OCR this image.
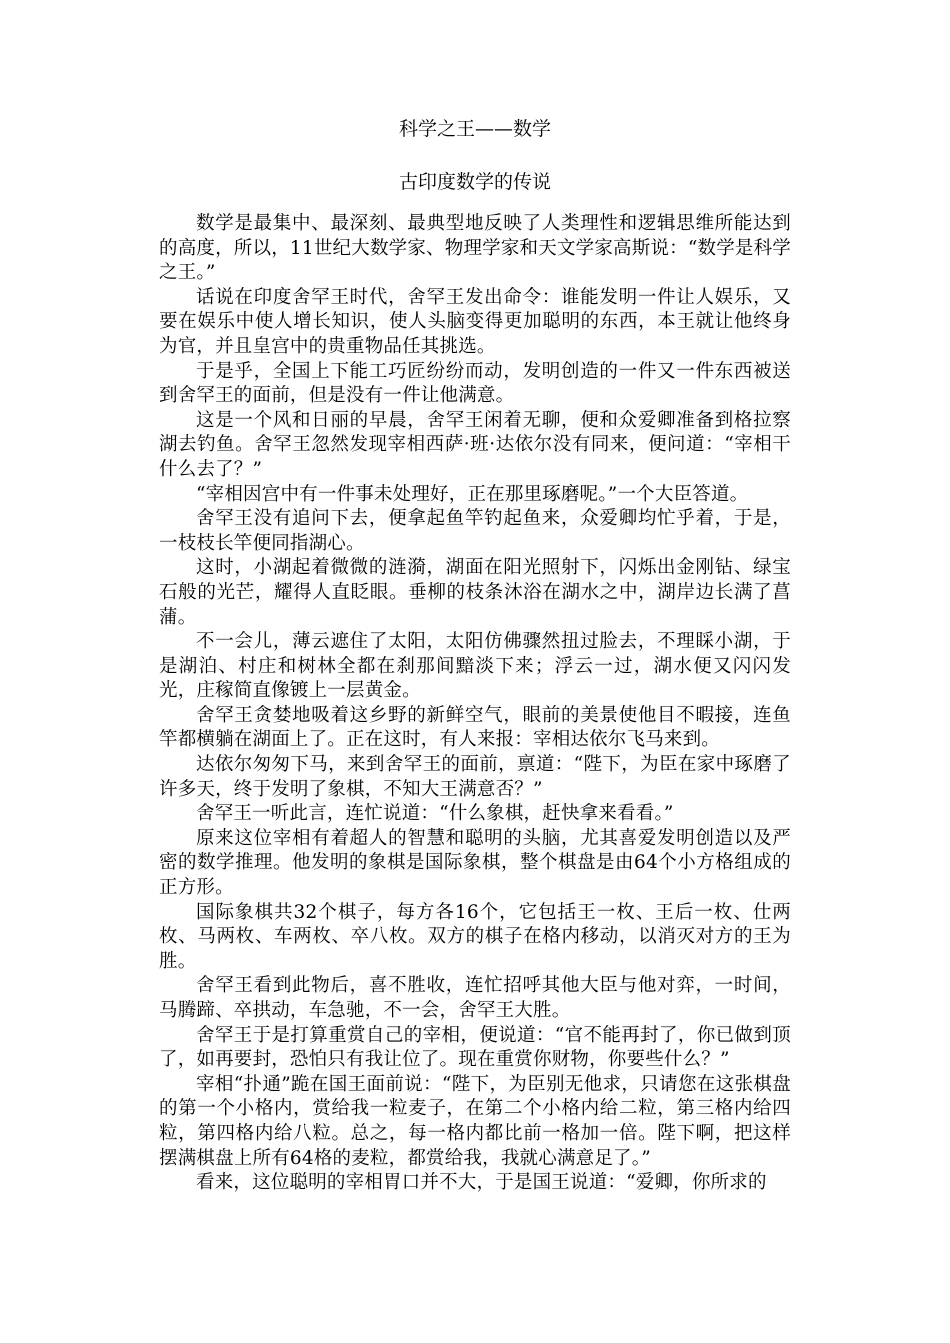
科学之王——数学
古印度数学的传说

数学是最集中、最深刻、最典型地反映了人类理性和逻辑思维所能达到的高度，所以，11世纪大数学家、物理学家和天文学家高斯说：“数学是科学之王。”

话说在印度舍罕王时代，舍罕王发出命令：谁能发明一件让人娱乐，又要在娱乐中使人增长知识，使人头脑变得更加聪明的东西，本王就让他终身为官，并且皇宫中的贵重物品任其挑选。

于是乎，全国上下能工巧匠纷纷而动，发明创造的一件又一件东西被送到舍罕王的面前，但是没有一件让他满意。

这是一个风和日丽的早晨，舍罕王闲着无聊，便和众爱卿准备到格拉察湖去钓鱼。舍罕王忽然发现宰相西萨·班·达依尔没有同来，便问道：“宰相干什么去了？”

“宰相因宫中有一件事未处理好，正在那里琢磨呢。”一个大臣答道。

舍罕王没有追问下去，便拿起鱼竿钓起鱼来，众爱卿均忙乎着，于是，一枝枝长竿便同指湖心。

这时，小湖起着微微的涟漪，湖面在阳光照射下，闪烁出金刚钻、绿宝石般的光芒，耀得人直眨眼。垂柳的枝条沐浴在湖水之中，湖岸边长满了菖蒲。

不一会儿，薄云遮住了太阳，太阳仿佛骤然扭过脸去，不理睬小湖，于是湖泊、村庄和树林全都在刹那间黯淡下来；浮云一过，湖水便又闪闪发光，庄稼简直像镀上一层黄金。

舍罕王贪婪地吸着这乡野的新鲜空气，眼前的美景使他目不暇接，连鱼竿都横躺在湖面上了。正在这时，有人来报：宰相达依尔飞马来到。

达依尔匆匆下马，来到舍罕王的面前，禀道：“陛下，为臣在家中琢磨了许多天，终于发明了象棋，不知大王满意否？”

舍罕王一听此言，连忙说道：“什么象棋，赶快拿来看看。”

原来这位宰相有着超人的智慧和聪明的头脑，尤其喜爱发明创造以及严密的数学推理。他发明的象棋是国际象棋，整个棋盘是由64个小方格组成的正方形。

国际象棋共32个棋子，每方各16个，它包括王一枚、王后一枚、仕两枚、马两枚、车两枚、卒八枚。双方的棋子在格内移动，以消灭对方的王为胜。

舍罕王看到此物后，喜不胜收，连忙招呼其他大臣与他对弈，一时间，马腾蹄、卒拱动，车急驰，不一会，舍罕王大胜。

舍罕王于是打算重赏自己的宰相，便说道：“官不能再封了，你已做到顶了，如再要封，恐怕只有我让位了。现在重赏你财物，你要些什么？”

宰相“扑通”跪在国王面前说：“陛下，为臣别无他求，只请您在这张棋盘的第一个小格内，赏给我一粒麦子，在第二个小格内给二粒，第三格内给四粒，第四格内给八粒。总之，每一格内都比前一格加一倍。陛下啊，把这样摆满棋盘上所有64格的麦粒，都赏给我，我就心满意足了。”

看来，这位聪明的宰相胃口并不大，于是国王说道：“爱卿，你所求的
